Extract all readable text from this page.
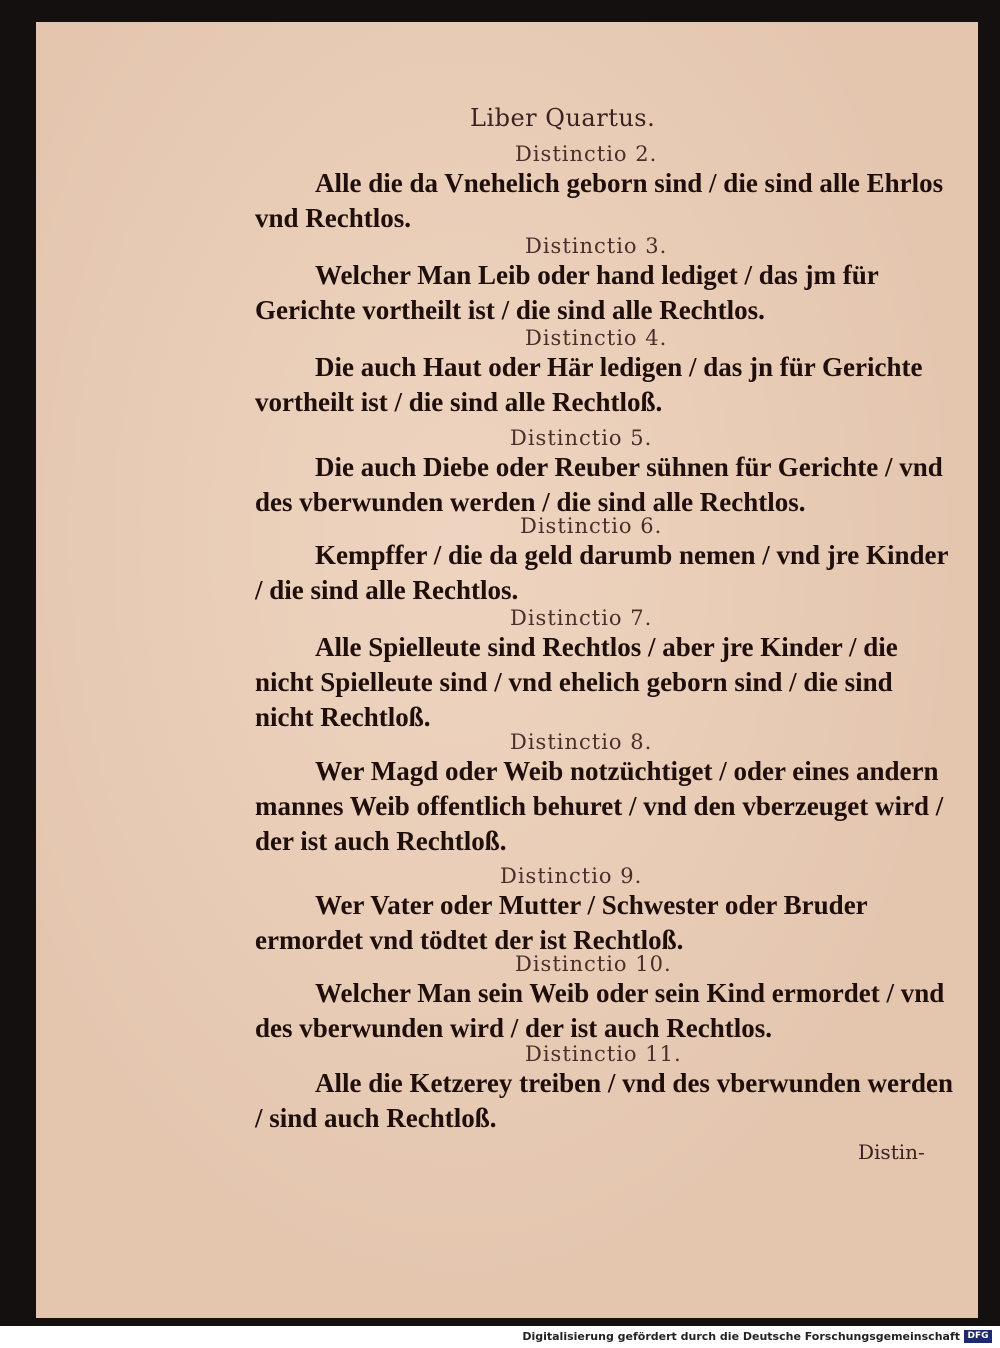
Liber Quartus.
Distinctio 2.
Alle die da Vnehelich geborn sind / die sind alle Ehrlos vnd Rechtlos.
Distinctio 3.
Welcher Man Leib oder hand lediget / das jm für Gerichte vortheilt ist / die sind alle Rechtlos.
Distinctio 4.
Die auch Haut oder Här ledigen / das jn für Gerichte vortheilt ist / die sind alle Rechtloß.
Distinctio 5.
Die auch Diebe oder Reuber sühnen für Gerichte / vnd des vberwunden werden / die sind alle Rechtlos.
Distinctio 6.
Kempffer / die da geld darumb nemen / vnd jre Kinder / die sind alle Rechtlos.
Distinctio 7.
Alle Spielleute sind Rechtlos / aber jre Kinder / die nicht Spielleute sind / vnd ehelich geborn sind / die sind nicht Rechtloß.
Distinctio 8.
Wer Magd oder Weib notzüchtiget / oder eines andern mannes Weib offentlich behuret / vnd den vberzeuget wird / der ist auch Rechtloß.
Distinctio 9.
Wer Vater oder Mutter / Schwester oder Bruder ermordet vnd tödtet der ist Rechtloß.
Distinctio 10.
Welcher Man sein Weib oder sein Kind ermordet / vnd des vberwunden wird / der ist auch Rechtlos.
Distinctio 11.
Alle die Ketzerey treiben / vnd des vberwunden werden / sind auch Rechtloß.
Distin-
Digitalisierung gefördert durch die Deutsche Forschungsgemeinschaft DFG
